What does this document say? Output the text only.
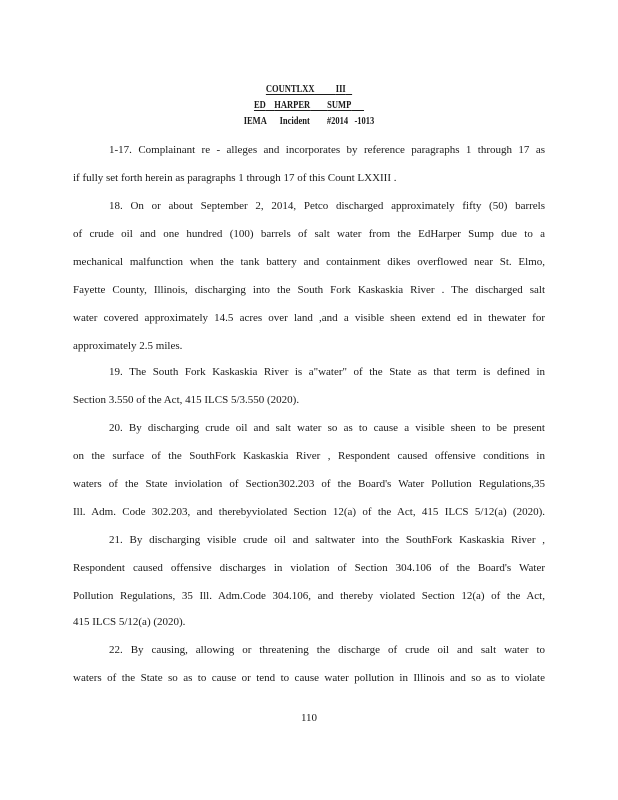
COUNTLXX III
ED HARPER SUMP
IEMA Incident #2014 -1013
1-17. Complainant re - alleges and incorporates by reference paragraphs 1 through 17 as
if fully set forth herein as paragraphs 1 through 17 of this Count LXXIII .
18. On or about September 2, 2014, Petco discharged approximately fifty (50) barrels
of crude oil and one hundred (100) barrels of salt water from the EdHarper Sump due to a
mechanical malfunction when the tank battery and containment dikes overflowed near St. Elmo,
Fayette County, Illinois, discharging into the South Fork Kaskaskia River . The discharged salt
water covered approximately 14.5 acres over land ,and a visible sheen extend ed in thewater for
approximately 2.5 miles.
19. The South Fork Kaskaskia River is a"water" of the State as that term is defined in
Section 3.550 of the Act, 415 ILCS 5/3.550 (2020).
20. By discharging crude oil and salt water so as to cause a visible sheen to be present
on the surface of the SouthFork Kaskaskia River , Respondent caused offensive conditions in
waters of the State inviolation of Section302.203 of the Board's Water Pollution Regulations,35
Ill. Adm. Code 302.203, and therebyviolated Section 12(a) of the Act, 415 ILCS 5/12(a) (2020).
21. By discharging visible crude oil and saltwater into the SouthFork Kaskaskia River ,
Respondent caused offensive discharges in violation of Section 304.106 of the Board's Water
Pollution Regulations, 35 Ill. Adm.Code 304.106, and thereby violated Section 12(a) of the Act,
415 ILCS 5/12(a) (2020).
22. By causing, allowing or threatening the discharge of crude oil and salt water to
waters of the State so as to cause or tend to cause water pollution in Illinois and so as to violate
110
